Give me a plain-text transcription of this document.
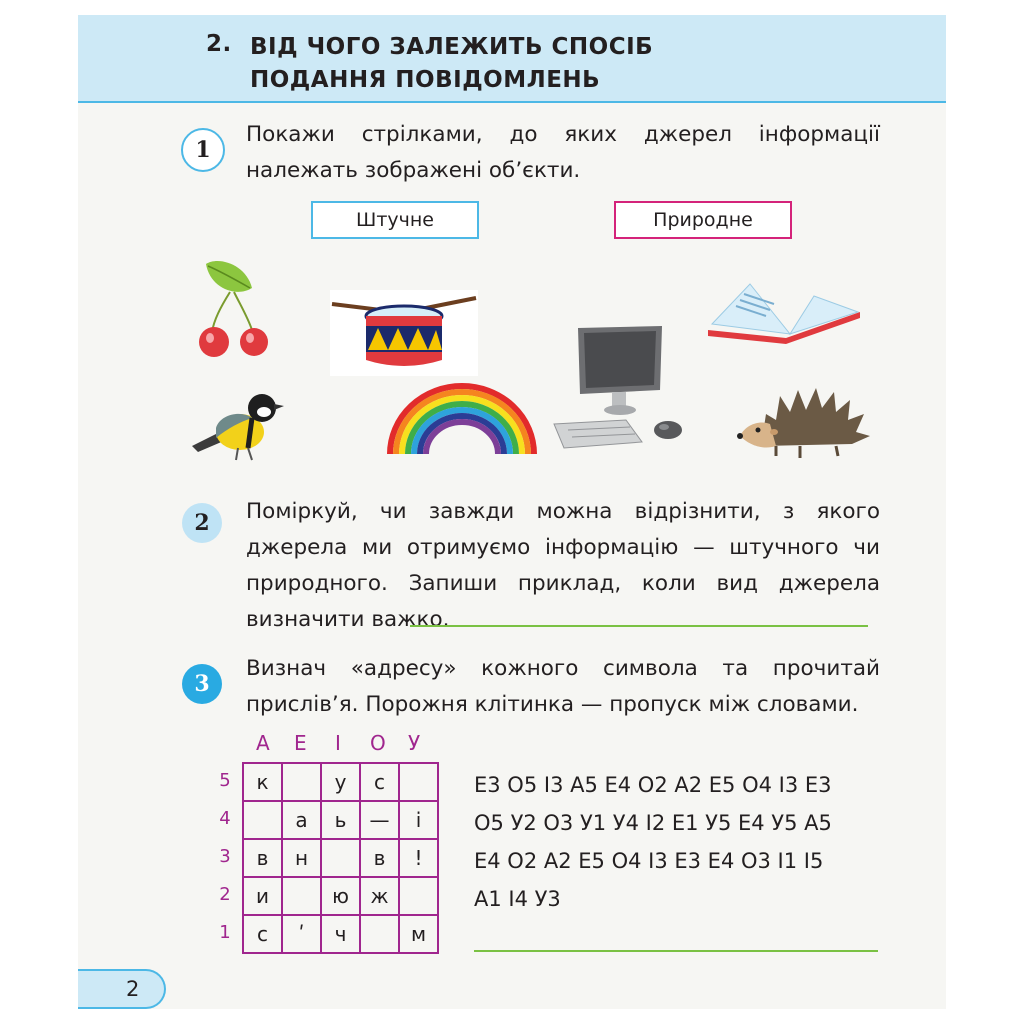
2. ВІД ЧОГО ЗАЛЕЖИТЬ СПОСІБ
ПОДАННЯ ПОВІДОМЛЕНЬ
1
Покажи стрілками, до яких джерел інформації належать зображені об’єкти.
Штучне	Природне
2	Поміркуй, чи завжди можна відрізнити, з якого джерела ми отримуємо інформацію — штучного чи природного. Запиши приклад, коли вид джерела визначити важко.
3
Визнач «адресу» кожного символа та прочитай прислів’я. Порожня клітинка — пропуск між словами.
А Е І О У
5
4
3
2
1
к		у	с	
	а	ь	—	і
в	н		в	!
и		ю	ж	
с	ʹ	ч		м
Е3 О5 І3 А5 Е4 О2 А2 Е5 О4 І3 Е3
О5 У2 О3 У1 У4 І2 Е1 У5 Е4 У5 А5
Е4 О2 А2 Е5 О4 І3 Е3 Е4 О3 І1 І5
А1 І4 У3
2
